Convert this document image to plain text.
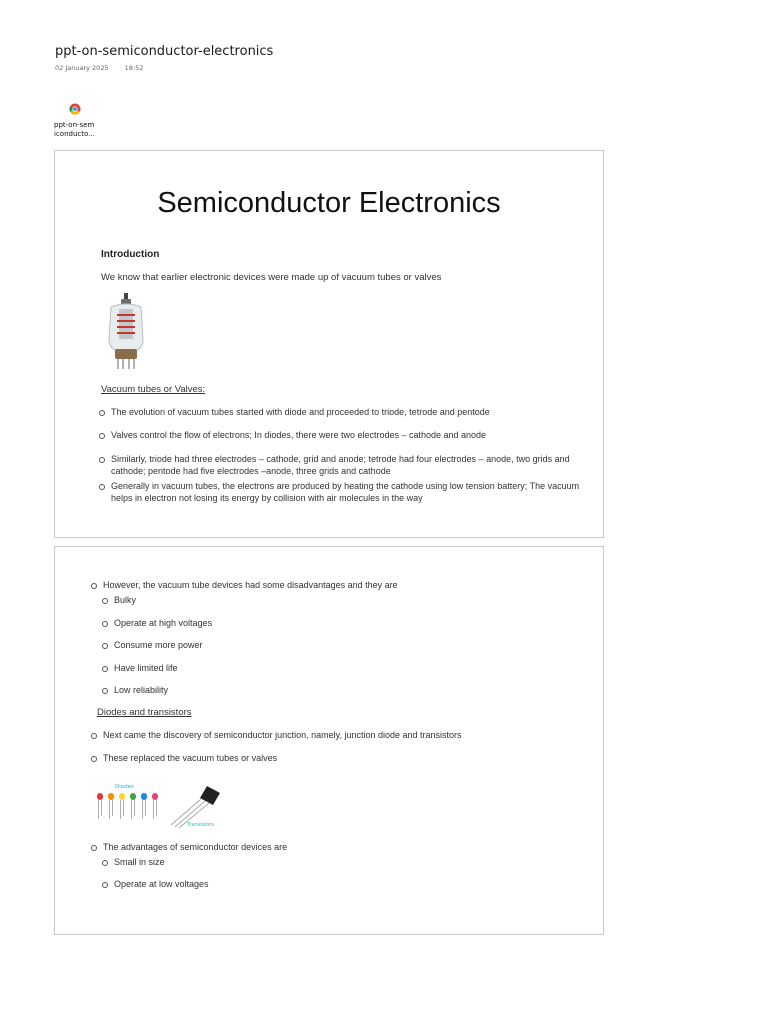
ppt-on-semiconductor-electronics
02 January 2025 18:52
ppt-on-sem iconducto...
Semiconductor Electronics
Introduction
We know that earlier electronic devices were made up of vacuum tubes or valves
Vacuum tubes or Valves:
The evolution of vacuum tubes started with diode and proceeded to triode, tetrode and pentode
Valves control the flow of electrons; In diodes, there were two electrodes – cathode and anode
Similarly, triode had three electrodes – cathode, grid and anode; tetrode had four electrodes – anode, two grids and cathode; pentode had five electrodes –anode, three grids and cathode
Generally in vacuum tubes, the electrons are produced by heating the cathode using low tension battery; The vacuum helps in electron not losing its energy by collision with air molecules in the way
However, the vacuum tube devices had some disadvantages and they are
Bulky
Operate at high voltages
Consume more power
Have limited life
Low reliability
Diodes and transistors
Next came the discovery of semiconductor junction, namely, junction diode and transistors
These replaced the vacuum tubes or valves
Diodes
Transistors
The advantages of semiconductor devices are
Small in size
Operate at low voltages
